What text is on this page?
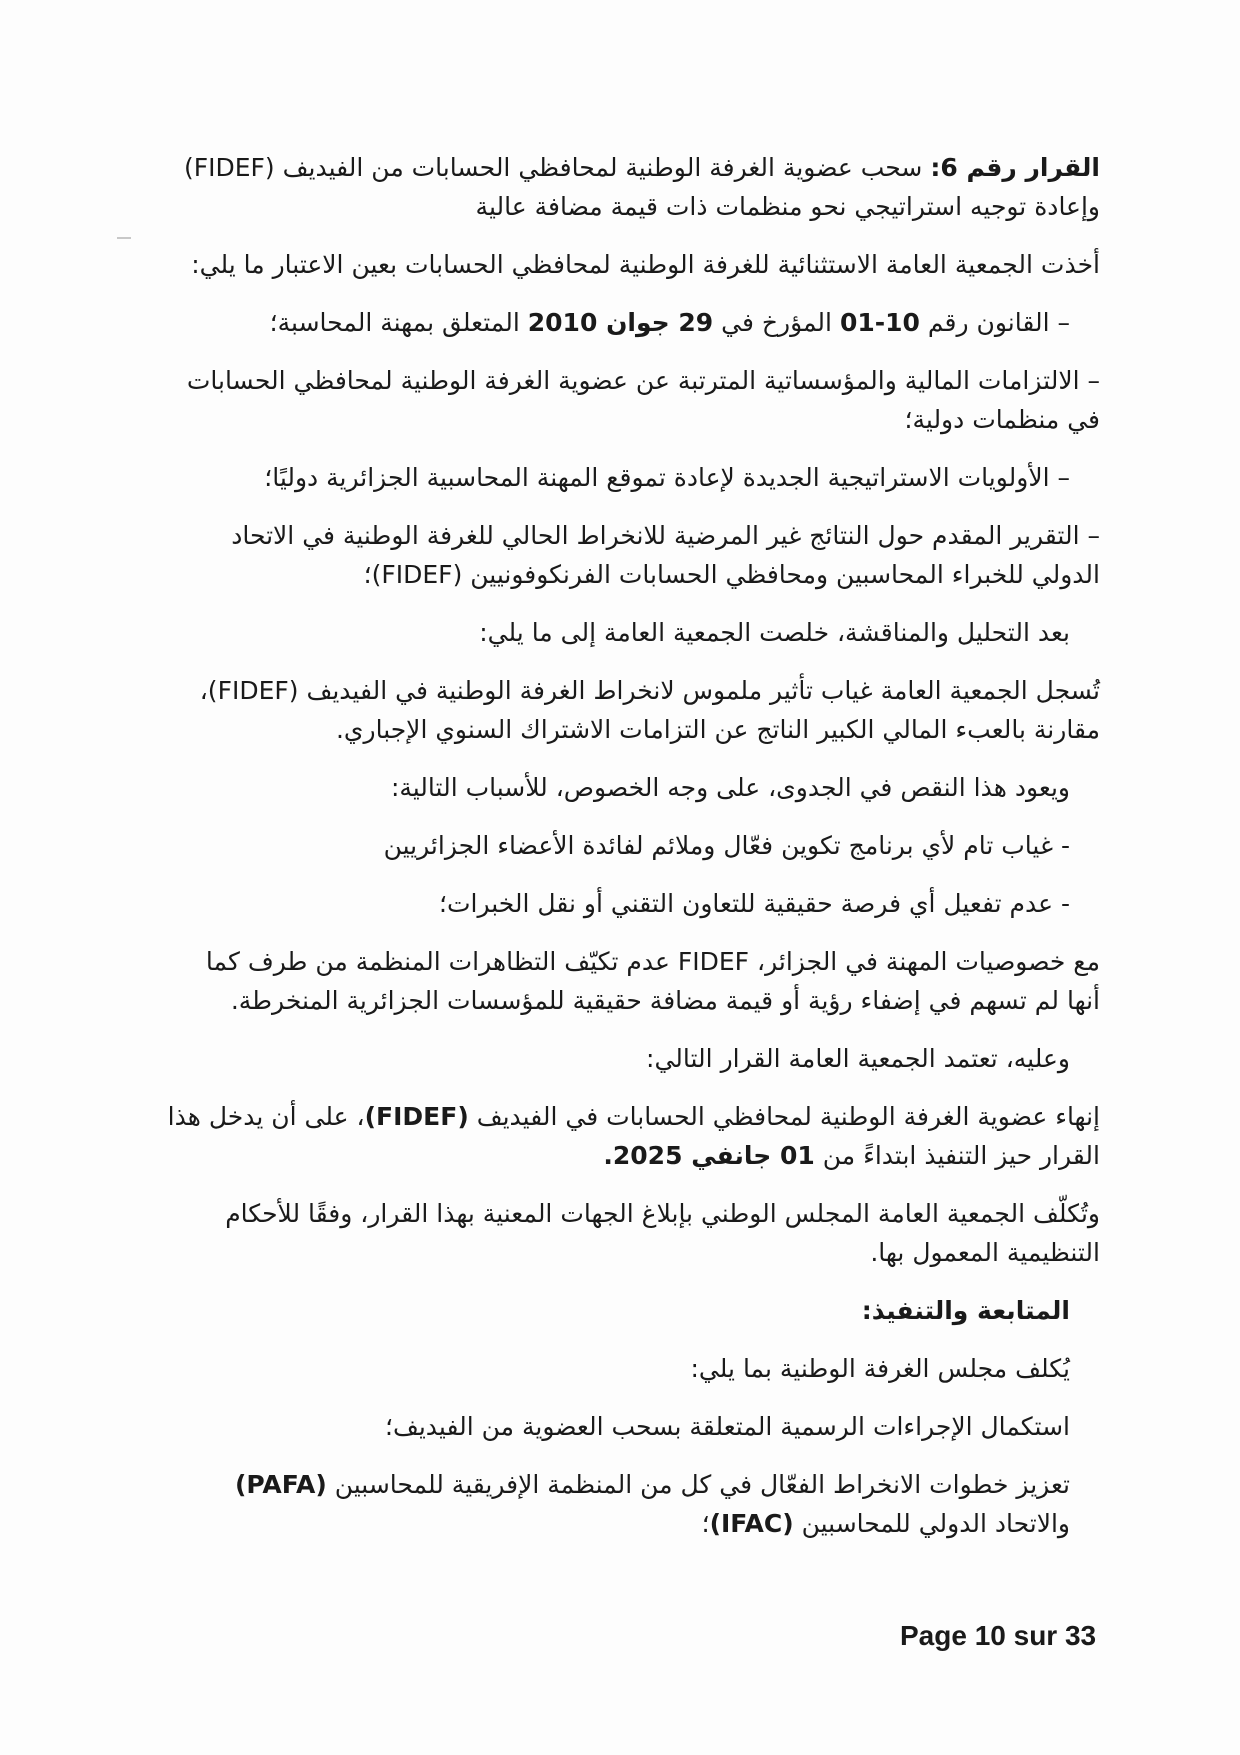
القرار رقم 6: سحب عضوية الغرفة الوطنية لمحافظي الحسابات من الفيديف (FIDEF)
وإعادة توجيه استراتيجي نحو منظمات ذات قيمة مضافة عالية

أخذت الجمعية العامة الاستثنائية للغرفة الوطنية لمحافظي الحسابات بعين الاعتبار ما يلي:

– القانون رقم 10-01 المؤرخ في 29 جوان 2010 المتعلق بمهنة المحاسبة؛

– الالتزامات المالية والمؤسساتية المترتبة عن عضوية الغرفة الوطنية لمحافظي الحسابات في منظمات دولية؛

– الأولويات الاستراتيجية الجديدة لإعادة تموقع المهنة المحاسبية الجزائرية دوليًا؛

– التقرير المقدم حول النتائج غير المرضية للانخراط الحالي للغرفة الوطنية في الاتحاد الدولي للخبراء المحاسبين ومحافظي الحسابات الفرنكوفونيين (FIDEF)؛

بعد التحليل والمناقشة، خلصت الجمعية العامة إلى ما يلي:

تُسجل الجمعية العامة غياب تأثير ملموس لانخراط الغرفة الوطنية في الفيديف (FIDEF)، مقارنة بالعبء المالي الكبير الناتج عن التزامات الاشتراك السنوي الإجباري.

ويعود هذا النقص في الجدوى، على وجه الخصوص، للأسباب التالية:

- غياب تام لأي برنامج تكوين فعّال وملائم لفائدة الأعضاء الجزائريين

- عدم تفعيل أي فرصة حقيقية للتعاون التقني أو نقل الخبرات؛

مع خصوصيات المهنة في الجزائر، FIDEF عدم تكيّف التظاهرات المنظمة من طرف كما أنها لم تسهم في إضفاء رؤية أو قيمة مضافة حقيقية للمؤسسات الجزائرية المنخرطة.

وعليه، تعتمد الجمعية العامة القرار التالي:

إنهاء عضوية الغرفة الوطنية لمحافظي الحسابات في الفيديف (FIDEF)، على أن يدخل هذا القرار حيز التنفيذ ابتداءً من 01 جانفي 2025.

وتُكلّف الجمعية العامة المجلس الوطني بإبلاغ الجهات المعنية بهذا القرار، وفقًا للأحكام التنظيمية المعمول بها.

المتابعة والتنفيذ:

يُكلف مجلس الغرفة الوطنية بما يلي:

استكمال الإجراءات الرسمية المتعلقة بسحب العضوية من الفيديف؛

تعزيز خطوات الانخراط الفعّال في كل من المنظمة الإفريقية للمحاسبين (PAFA) والاتحاد الدولي للمحاسبين (IFAC)؛

Page 10 sur 33
